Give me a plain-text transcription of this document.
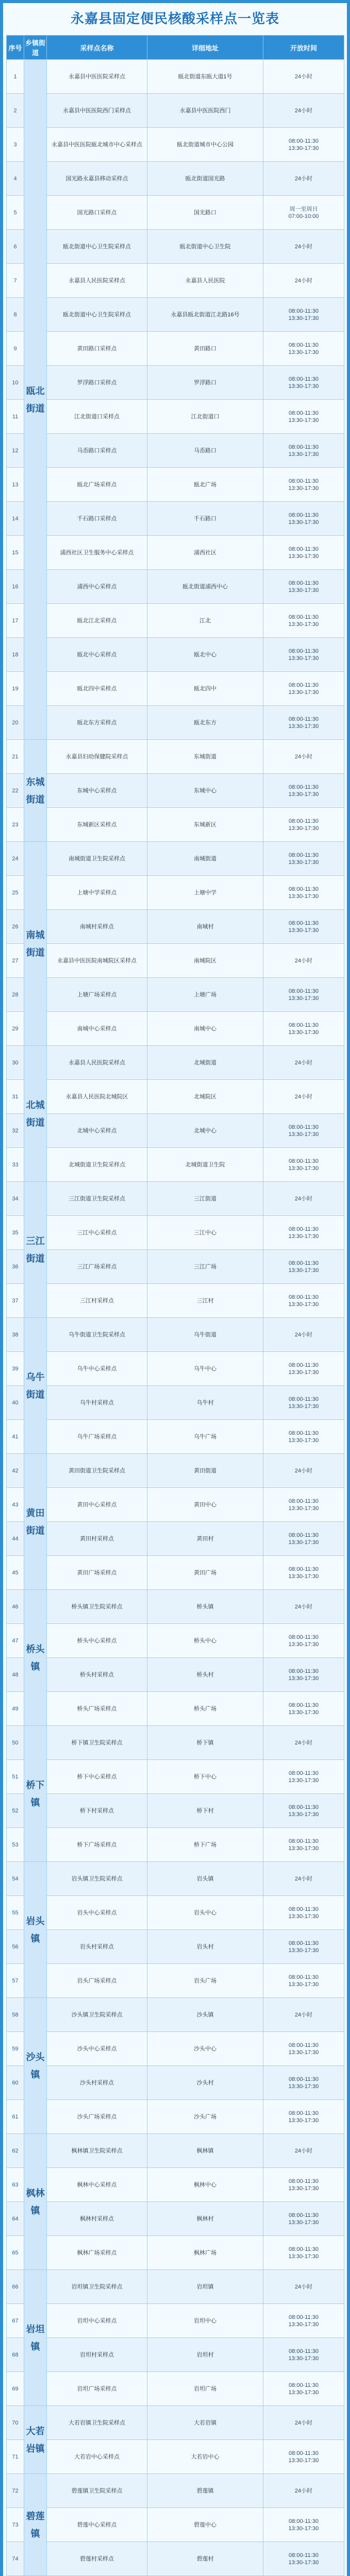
永嘉县固定便民核酸采样点一览表
序号	乡镇街道	采样点名称	详细地址	开放时间
1	瓯北街道	永嘉县中医医院采样点	瓯北街道东瓯大道1号	24小时
2		永嘉县中医医院西门采样点	永嘉县中医医院西门	24小时
3		永嘉县中医医院瓯北城市中心采样点	瓯北街道城市中心公园	08:00-11:30
13:30-17:30
4		国光路永嘉县移动采样点	瓯北街道国光路	24小时
5		国光路口采样点	国光路口	周一至周日
07:00-10:00
6		瓯北街道中心卫生院采样点	瓯北街道中心卫生院	24小时
7		永嘉县人民医院采样点	永嘉县人民医院	24小时
8		瓯北街道中心卫生院采样点	永嘉县瓯北街道江北路16号	08:00-11:30
13:30-17:30
9		黄田路口采样点	黄田路口	08:00-11:30
13:30-17:30
10		罗浮路口采样点	罗浮路口	08:00-11:30
13:30-17:30
11		江北街道口采样点	江北街道口	08:00-11:30
13:30-17:30
12		马岙路口采样点	马岙路口	08:00-11:30
13:30-17:30
13		瓯北广场采样点	瓯北广场	08:00-11:30
13:30-17:30
14		千石路口采样点	千石路口	08:00-11:30
13:30-17:30
15		浦西社区卫生服务中心采样点	浦西社区	08:00-11:30
13:30-17:30
16		浦西中心采样点	瓯北街道浦西中心	08:00-11:30
13:30-17:30
17		瓯北江北采样点	江北	08:00-11:30
13:30-17:30
18		瓯北中心采样点	瓯北中心	08:00-11:30
13:30-17:30
19		瓯北四中采样点	瓯北四中	08:00-11:30
13:30-17:30
20		瓯北东方采样点	瓯北东方	08:00-11:30
13:30-17:30
21	东城街道	永嘉县妇幼保健院采样点	东城街道	24小时
22		东城中心采样点	东城中心	08:00-11:30
13:30-17:30
23		东城新区采样点	东城新区	08:00-11:30
13:30-17:30
24	南城街道	南城街道卫生院采样点	南城街道	08:00-11:30
13:30-17:30
25		上塘中学采样点	上塘中学	08:00-11:30
13:30-17:30
26		南城村采样点	南城村	08:00-11:30
13:30-17:30
27		永嘉县中医医院南城院区采样点	南城院区	24小时
28		上塘广场采样点	上塘广场	08:00-11:30
13:30-17:30
29		南城中心采样点	南城中心	08:00-11:30
13:30-17:30
30	北城街道	永嘉县人民医院采样点	北城街道	24小时
31		永嘉县人民医院北城院区	北城院区	24小时
32		北城中心采样点	北城中心	08:00-11:30
13:30-17:30
33		北城街道卫生院采样点	北城街道卫生院	08:00-11:30
13:30-17:30
34	三江街道	三江街道卫生院采样点	三江街道	24小时
35		三江中心采样点	三江中心	08:00-11:30
13:30-17:30
36		三江广场采样点	三江广场	08:00-11:30
13:30-17:30
37		三江村采样点	三江村	08:00-11:30
13:30-17:30
38	乌牛街道	乌牛街道卫生院采样点	乌牛街道	24小时
39		乌牛中心采样点	乌牛中心	08:00-11:30
13:30-17:30
40		乌牛村采样点	乌牛村	08:00-11:30
13:30-17:30
41		乌牛广场采样点	乌牛广场	08:00-11:30
13:30-17:30
42	黄田街道	黄田街道卫生院采样点	黄田街道	24小时
43		黄田中心采样点	黄田中心	08:00-11:30
13:30-17:30
44		黄田村采样点	黄田村	08:00-11:30
13:30-17:30
45		黄田广场采样点	黄田广场	08:00-11:30
13:30-17:30
46	桥头镇	桥头镇卫生院采样点	桥头镇	24小时
47		桥头中心采样点	桥头中心	08:00-11:30
13:30-17:30
48		桥头村采样点	桥头村	08:00-11:30
13:30-17:30
49		桥头广场采样点	桥头广场	08:00-11:30
13:30-17:30
50	桥下镇	桥下镇卫生院采样点	桥下镇	24小时
51		桥下中心采样点	桥下中心	08:00-11:30
13:30-17:30
52		桥下村采样点	桥下村	08:00-11:30
13:30-17:30
53		桥下广场采样点	桥下广场	08:00-11:30
13:30-17:30
54	岩头镇	岩头镇卫生院采样点	岩头镇	24小时
55		岩头中心采样点	岩头中心	08:00-11:30
13:30-17:30
56		岩头村采样点	岩头村	08:00-11:30
13:30-17:30
57		岩头广场采样点	岩头广场	08:00-11:30
13:30-17:30
58	沙头镇	沙头镇卫生院采样点	沙头镇	24小时
59		沙头中心采样点	沙头中心	08:00-11:30
13:30-17:30
60		沙头村采样点	沙头村	08:00-11:30
13:30-17:30
61		沙头广场采样点	沙头广场	08:00-11:30
13:30-17:30
62	枫林镇	枫林镇卫生院采样点	枫林镇	24小时
63		枫林中心采样点	枫林中心	08:00-11:30
13:30-17:30
64		枫林村采样点	枫林村	08:00-11:30
13:30-17:30
65		枫林广场采样点	枫林广场	08:00-11:30
13:30-17:30
66	岩坦镇	岩坦镇卫生院采样点	岩坦镇	24小时
67		岩坦中心采样点	岩坦中心	08:00-11:30
13:30-17:30
68		岩坦村采样点	岩坦村	08:00-11:30
13:30-17:30
69		岩坦广场采样点	岩坦广场	08:00-11:30
13:30-17:30
70	大若岩镇	大若岩镇卫生院采样点	大若岩镇	24小时
71		大若岩中心采样点	大若岩中心	08:00-11:30
13:30-17:30
72	碧莲镇	碧莲镇卫生院采样点	碧莲镇	24小时
73		碧莲中心采样点	碧莲中心	08:00-11:30
13:30-17:30
74		碧莲村采样点	碧莲村	08:00-11:30
13:30-17:30
